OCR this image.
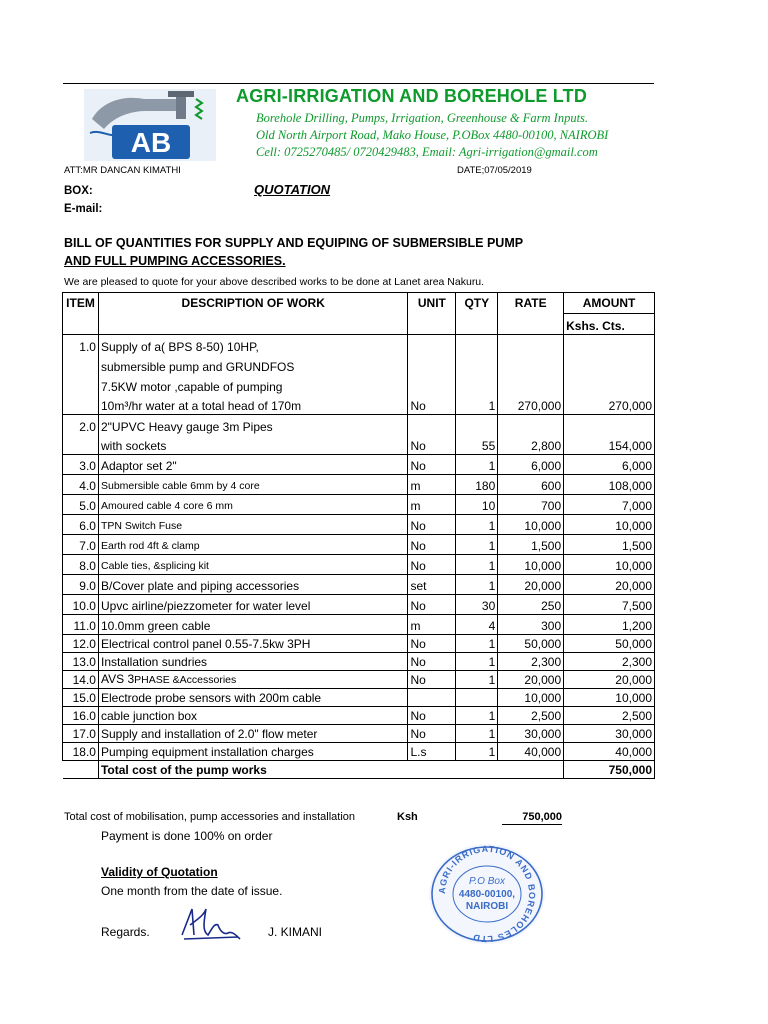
AB
AGRI-IRRIGATION AND BOREHOLE LTD
Borehole Drilling, Pumps, Irrigation, Greenhouse & Farm Inputs.
Old North Airport Road, Mako House, P.OBox 4480-00100, NAIROBI
Cell: 0725270485/ 0720429483, Email: Agri-irrigation@gmail.com
ATT:MR DANCAN KIMATHI	DATE;07/05/2019
BOX:	QUOTATION
E-mail:
BILL OF QUANTITIES FOR SUPPLY AND EQUIPING OF SUBMERSIBLE PUMP
AND FULL PUMPING ACCESSORIES.
We are pleased to quote for your above described works to be done at Lanet area Nakuru.
ITEM	DESCRIPTION OF WORK	UNIT	QTY	RATE	AMOUNT
					Kshs. Cts.
1.0	Supply of a( BPS 8-50) 10HP,				
	submersible pump and GRUNDFOS				
	7.5KW motor ,capable of pumping				
	10m³/hr water at a total head of 170m	No	1	270,000	270,000
2.0	2"UPVC Heavy gauge 3m Pipes				
	with sockets	No	55	2,800	154,000
3.0	Adaptor set 2"	No	1	6,000	6,000
4.0	Submersible cable 6mm by 4 core	m	180	600	108,000
5.0	Amoured cable 4 core 6 mm	m	10	700	7,000
6.0	TPN Switch Fuse	No	1	10,000	10,000
7.0	Earth rod 4ft & clamp	No	1	1,500	1,500
8.0	Cable ties, &splicing kit	No	1	10,000	10,000
9.0	B/Cover plate and piping accessories	set	1	20,000	20,000
10.0	Upvc airline/piezzometer for water level	No	30	250	7,500
11.0	10.0mm green cable	m	4	300	1,200
12.0	Electrical control panel 0.55-7.5kw 3PH	No	1	50,000	50,000
13.0	Installation sundries	No	1	2,300	2,300
14.0	AVS 3PHASE &Accessories	No	1	20,000	20,000
15.0	Electrode probe sensors with 200m cable			10,000	10,000
16.0	cable junction box	No	1	2,500	2,500
17.0	Supply and installation of 2.0" flow meter	No	1	30,000	30,000
18.0	Pumping equipment installation charges	L.s	1	40,000	40,000
	Total cost of the pump works				750,000
Total cost of mobilisation, pump accessories and installation	Ksh	750,000
Payment is done 100% on order
Validity of Quotation
One month from the date of issue.
Regards.	J. KIMANI
AGRI-IRRIGATION AND BOREHOLES LTD
P.O Box
4480-00100,
NAIROBI
